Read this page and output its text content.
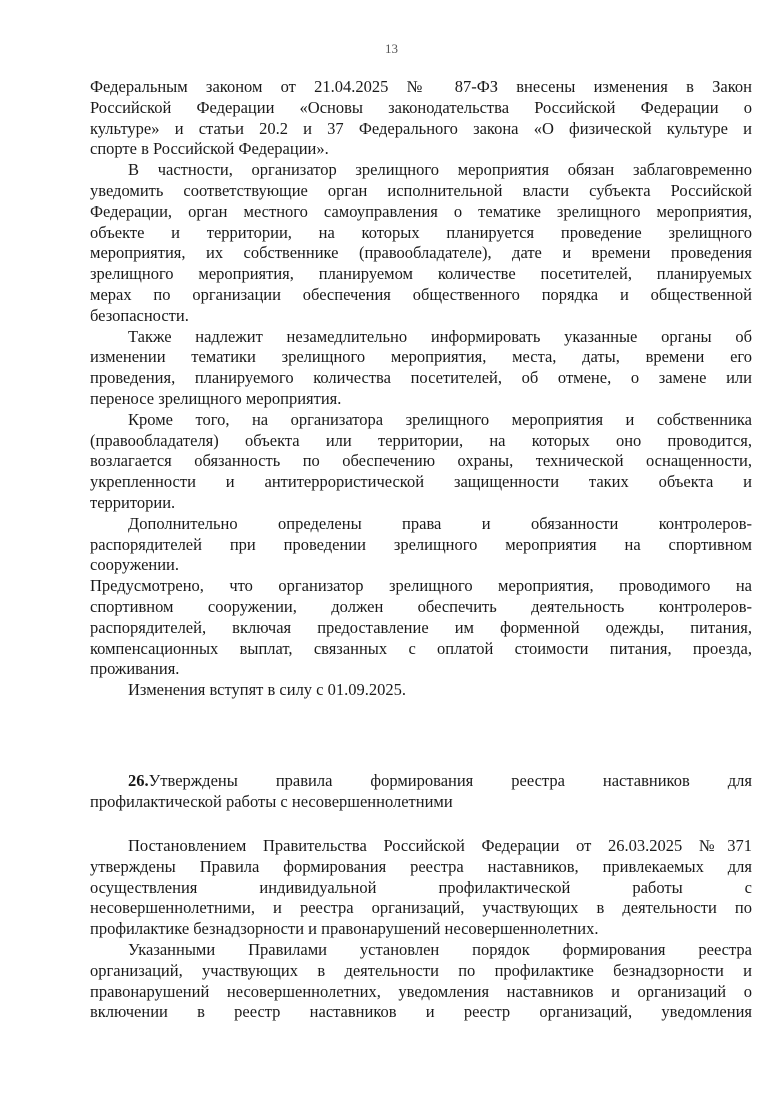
13
Федеральным законом от 21.04.2025 № 87-ФЗ внесены изменения в Закон
Российской Федерации «Основы законодательства Российской Федерации о
культуре» и статьи 20.2 и 37 Федерального закона «О физической культуре и
спорте в Российской Федерации».
В частности, организатор зрелищного мероприятия обязан заблаговременно
уведомить соответствующие орган исполнительной власти субъекта Российской
Федерации, орган местного самоуправления о тематике зрелищного мероприятия,
объекте и территории, на которых планируется проведение зрелищного
мероприятия, их собственнике (правообладателе), дате и времени проведения
зрелищного мероприятия, планируемом количестве посетителей, планируемых
мерах по организации обеспечения общественного порядка и общественной
безопасности.
Также надлежит незамедлительно информировать указанные органы об
изменении тематики зрелищного мероприятия, места, даты, времени его
проведения, планируемого количества посетителей, об отмене, о замене или
переносе зрелищного мероприятия.
Кроме того, на организатора зрелищного мероприятия и собственника
(правообладателя) объекта или территории, на которых оно проводится,
возлагается обязанность по обеспечению охраны, технической оснащенности,
укрепленности и антитеррористической защищенности таких объекта и
территории.
Дополнительно определены права и обязанности контролеров-
распорядителей при проведении зрелищного мероприятия на спортивном
сооружении.
Предусмотрено, что организатор зрелищного мероприятия, проводимого на
спортивном сооружении, должен обеспечить деятельность контролеров-
распорядителей, включая предоставление им форменной одежды, питания,
компенсационных выплат, связанных с оплатой стоимости питания, проезда,
проживания.
Изменения вступят в силу с 01.09.2025.
26.Утверждены правила формирования реестра наставников для
профилактической работы с несовершеннолетними
Постановлением Правительства Российской Федерации от 26.03.2025 №371
утверждены Правила формирования реестра наставников, привлекаемых для
осуществления индивидуальной профилактической работы с
несовершеннолетними, и реестра организаций, участвующих в деятельности по
профилактике безнадзорности и правонарушений несовершеннолетних.
Указанными Правилами установлен порядок формирования реестра
организаций, участвующих в деятельности по профилактике безнадзорности и
правонарушений несовершеннолетних, уведомления наставников и организаций о
включении в реестр наставников и реестр организаций, уведомления
